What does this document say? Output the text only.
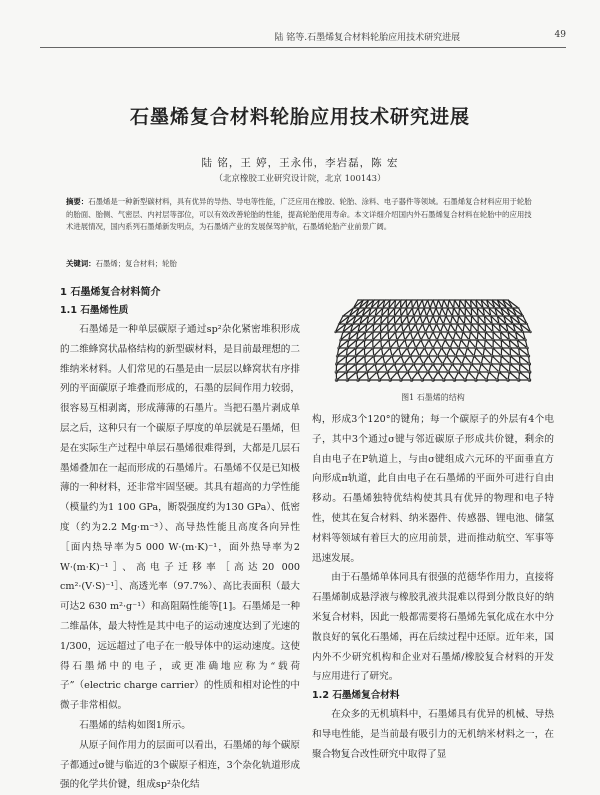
陆 铭等.石墨烯复合材料轮胎应用技术研究进展	49
石墨烯复合材料轮胎应用技术研究进展
陆 铭，王 婷，王永伟，李岩磊，陈 宏
（北京橡胶工业研究设计院，北京 100143）
摘要：石墨烯是一种新型碳材料，具有优异的导热、导电等性能，广泛应用在橡胶、轮胎、涂料、电子器件等领域。石墨烯复合材料应用于轮胎的胎面、胎侧、气密层、内衬层等部位，可以有效改善轮胎的性能，提高轮胎使用寿命。本文详细介绍国内外石墨烯复合材料在轮胎中的应用技术进展情况，国内系列石墨烯新发明点，为石墨烯产业的发展保驾护航，石墨烯轮胎产业前景广阔。
关键词：石墨烯；复合材料；轮胎

1 石墨烯复合材料简介

1.1 石墨烯性质

石墨烯是一种单层碳原子通过sp²杂化紧密堆积形成的二维蜂窝状晶格结构的新型碳材料，是目前最理想的二维纳米材料。人们常见的石墨是由一层层以蜂窝状有序排列的平面碳原子堆叠而形成的，石墨的层间作用力较弱，很容易互相剥离，形成薄薄的石墨片。当把石墨片剥成单层之后，这种只有一个碳原子厚度的单层就是石墨烯，但是在实际生产过程中单层石墨烯很难得到，大都是几层石墨烯叠加在一起而形成的石墨烯片。石墨烯不仅是已知极薄的一种材料，还非常牢固坚硬。其具有超高的力学性能（模量约为1 100 GPa，断裂强度约为130 GPa）、低密度（约为2.2 Mg·m⁻³）、高导热性能且高度各向异性［面内热导率为5 000 W·(m·K)⁻¹，面外热导率为2 W·(m·K)⁻¹］、高电子迁移率［高达20 000 cm²·(V·S)⁻¹］、高透光率（97.7%）、高比表面积（最大可达2 630 m²·g⁻¹）和高阻隔性能等[1]。石墨烯是一种二维晶体，最大特性是其中电子的运动速度达到了光速的1/300，远远超过了电子在一般导体中的运动速度。这使得石墨烯中的电子，或更准确地应称为“载荷子”（electric charge carrier）的性质和相对论性的中微子非常相似。

石墨烯的结构如图1所示。

从原子间作用力的层面可以看出，石墨烯的每个碳原子都通过σ键与临近的3个碳原子相连，3个杂化轨道形成强的化学共价键，组成sp²杂化结

图1 石墨烯的结构

构，形成3个120°的键角；每一个碳原子的外层有4个电子，其中3个通过σ键与邻近碳原子形成共价键，剩余的自由电子在P轨道上，与由σ键组成六元环的平面垂直方向形成π轨道，此自由电子在石墨烯的平面外可进行自由移动。石墨烯独特优结构使其具有优异的物理和电子特性，使其在复合材料、纳米器件、传感器、锂电池、储氢材料等领域有着巨大的应用前景，进而推动航空、军事等迅速发展。

由于石墨烯单体同具有很强的范德华作用力，直接将石墨烯制成悬浮液与橡胶乳液共混难以得到分散良好的纳米复合材料，因此一般都需要将石墨烯先氧化成在水中分散良好的氧化石墨烯，再在后续过程中还原。近年来，国内外不少研究机构和企业对石墨烯/橡胶复合材料的开发与应用进行了研究。

1.2 石墨烯复合材料

在众多的无机填料中，石墨烯具有优异的机械、导热和导电性能，是当前最有吸引力的无机纳米材料之一，在聚合物复合改性研究中取得了显
